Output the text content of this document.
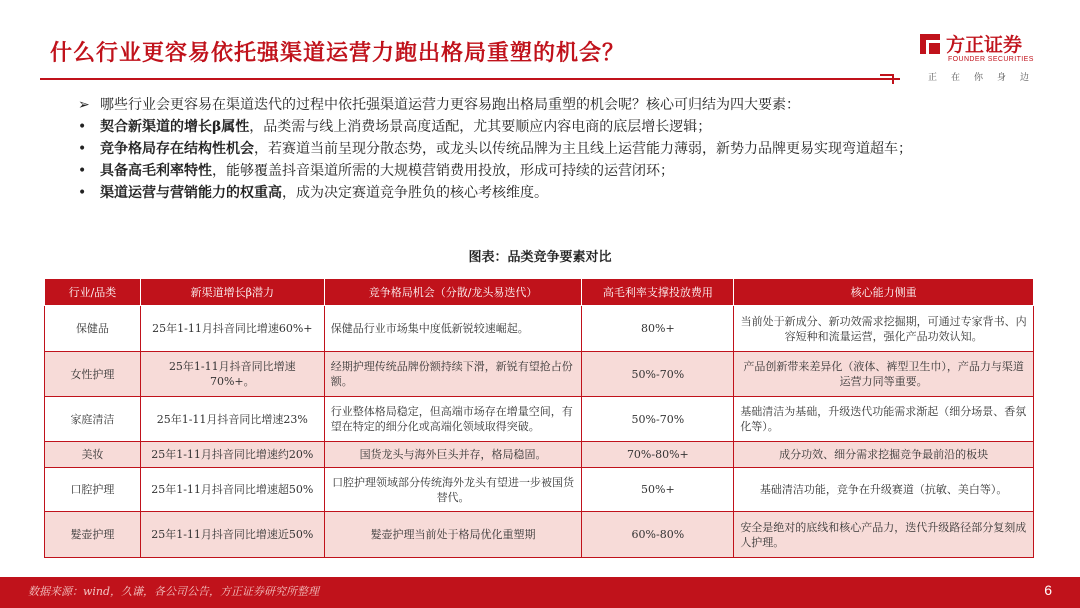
什么行业更容易依托强渠道运营力跑出格局重塑的机会？	方正证券
FOUNDER SECURITIES
正在你身边
➢ 哪些行业会更容易在渠道迭代的过程中依托强渠道运营力更容易跑出格局重塑的机会呢？核心可归结为四大要素：
• 契合新渠道的增长β属性，品类需与线上消费场景高度适配，尤其要顺应内容电商的底层增长逻辑；
• 竞争格局存在结构性机会，若赛道当前呈现分散态势，或龙头以传统品牌为主且线上运营能力薄弱，新势力品牌更易实现弯道超车；
• 具备高毛利率特性，能够覆盖抖音渠道所需的大规模营销费用投放，形成可持续的运营闭环；
• 渠道运营与营销能力的权重高，成为决定赛道竞争胜负的核心考核维度。
图表：品类竞争要素对比
行业/品类	新渠道增长β潜力	竞争格局机会（分散/龙头易迭代）	高毛利率支撑投放费用	核心能力侧重
保健品	25年1-11月抖音同比增速60%+	保健品行业市场集中度低新锐较速崛起。	80%+	当前处于新成分、新功效需求挖掘期，可通过专家背书、内容短种和流量运营，强化产品功效认知。
女性护理	25年1-11月抖音同比增速70%+。	经期护理传统品牌份额持续下滑，新锐有望抢占份额。	50%-70%	产品创新带来差异化（液体、裤型卫生巾），产品力与渠道运营力同等重要。
家庭清洁	25年1-11月抖音同比增速23%	行业整体格局稳定，但高端市场存在增量空间，有望在特定的细分化或高端化领域取得突破。	50%-70%	基础清洁为基础，升级迭代功能需求渐起（细分场景、香氛化等）。
美妆	25年1-11月抖音同比增速约20%	国货龙头与海外巨头并存，格局稳固。	70%-80%+	成分功效、细分需求挖掘竞争最前沿的板块
口腔护理	25年1-11月抖音同比增速超50%	口腔护理领域部分传统海外龙头有望进一步被国货替代。	50%+	基础清洁功能，竞争在升级赛道（抗敏、美白等）。
髮壶护理	25年1-11月抖音同比增速近50%	髮壶护理当前处于格局优化重塑期	60%-80%	安全是绝对的底线和核心产品力，迭代升级路径部分复刻成人护理。
数据来源：wind，久谦，各公司公告，方正证券研究所整理	6
